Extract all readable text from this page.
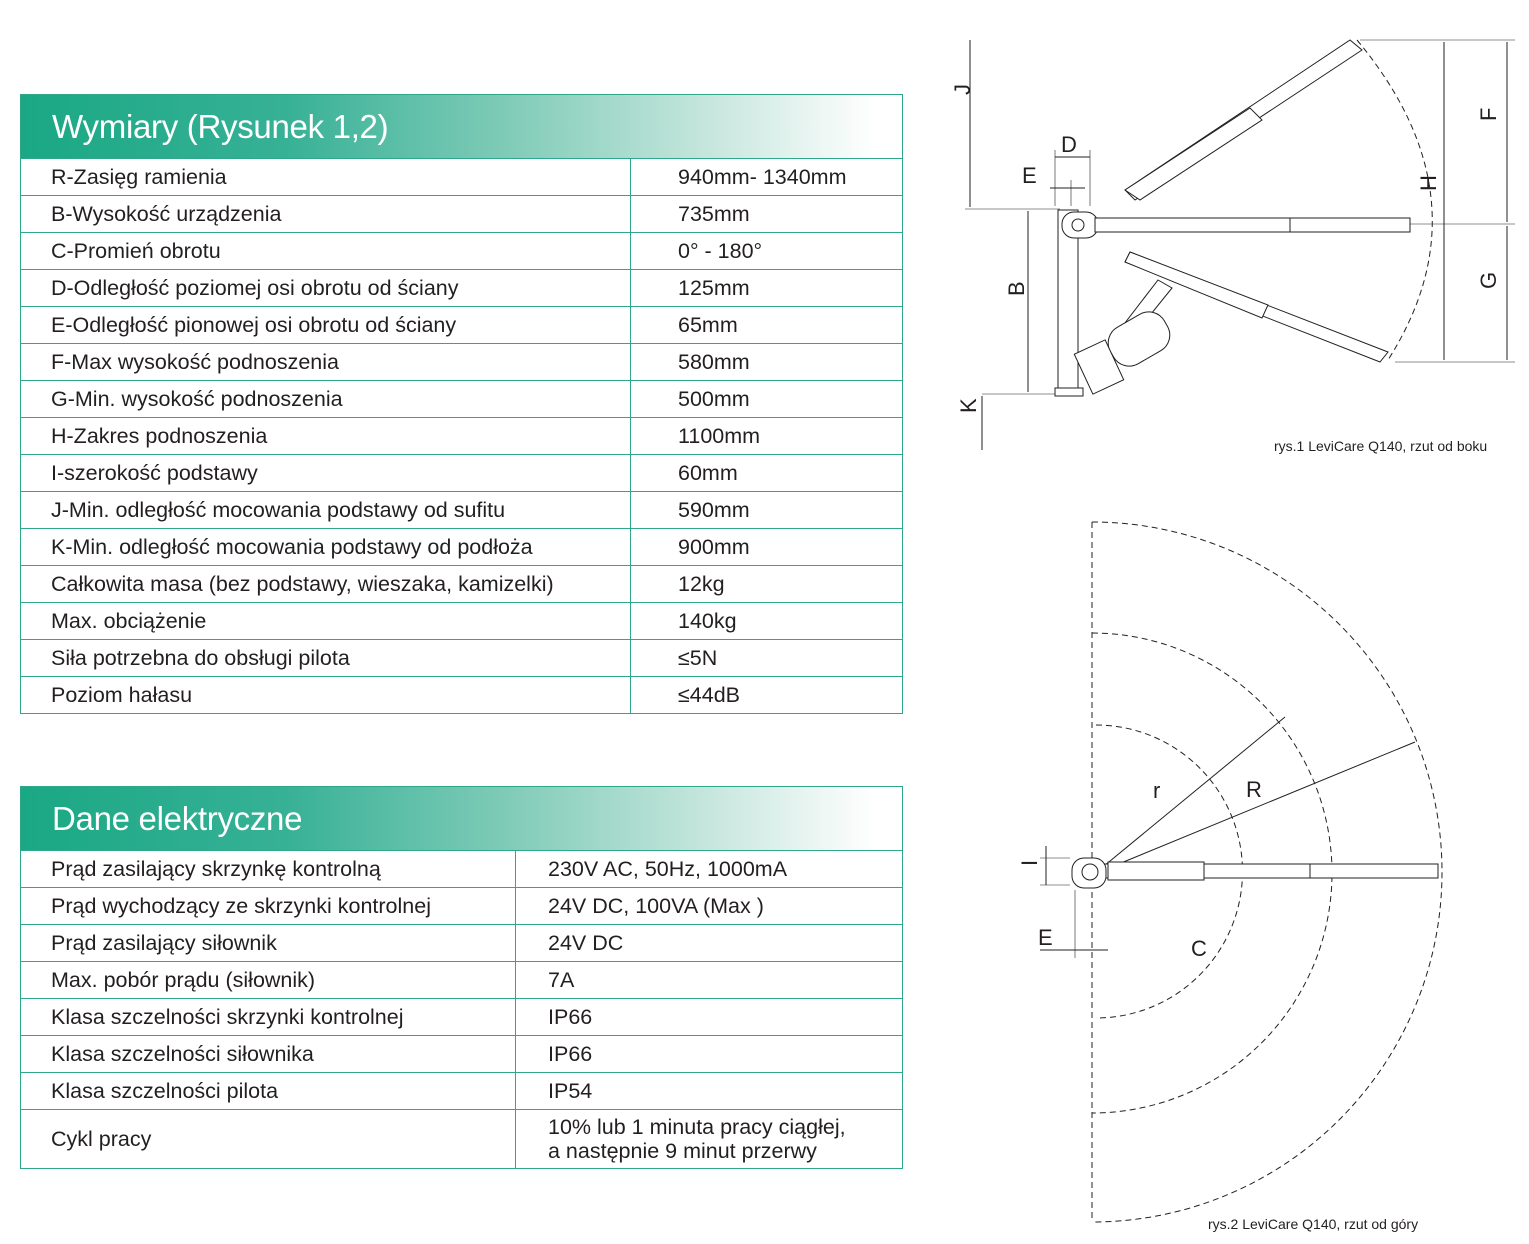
Wymiary (Rysunek 1,2)
R-Zasięg ramienia	940mm- 1340mm
B-Wysokość urządzenia	735mm
C-Promień obrotu	0° - 180°
D-Odległość poziomej osi obrotu od ściany	125mm
E-Odległość pionowej osi obrotu od ściany	65mm
F-Max wysokość podnoszenia	580mm
G-Min. wysokość podnoszenia	500mm
H-Zakres podnoszenia	1100mm
I-szerokość podstawy	60mm
J-Min. odległość mocowania podstawy od sufitu	590mm
K-Min. odległość mocowania podstawy od podłoża	900mm
Całkowita masa (bez podstawy, wieszaka, kamizelki)	12kg
Max. obciążenie	140kg
Siła potrzebna do obsługi pilota	≤5N
Poziom hałasu	≤44dB
Dane elektryczne
Prąd zasilający skrzynkę kontrolną	230V AC, 50Hz, 1000mA
Prąd wychodzący ze skrzynki kontrolnej	24V DC, 100VA (Max )
Prąd zasilający siłownik	24V DC
Max. pobór prądu (siłownik)	7A
Klasa szczelności skrzynki kontrolnej	IP66
Klasa szczelności siłownika	IP66
Klasa szczelności pilota	IP54
Cykl pracy	10% lub 1 minuta pracy ciągłej,
a następnie 9 minut przerwy
J
D
E
B
K
F
H
G
rys.1 LeviCare Q140, rzut od boku
r	R
I
E	C
rys.2 LeviCare Q140, rzut od góry
